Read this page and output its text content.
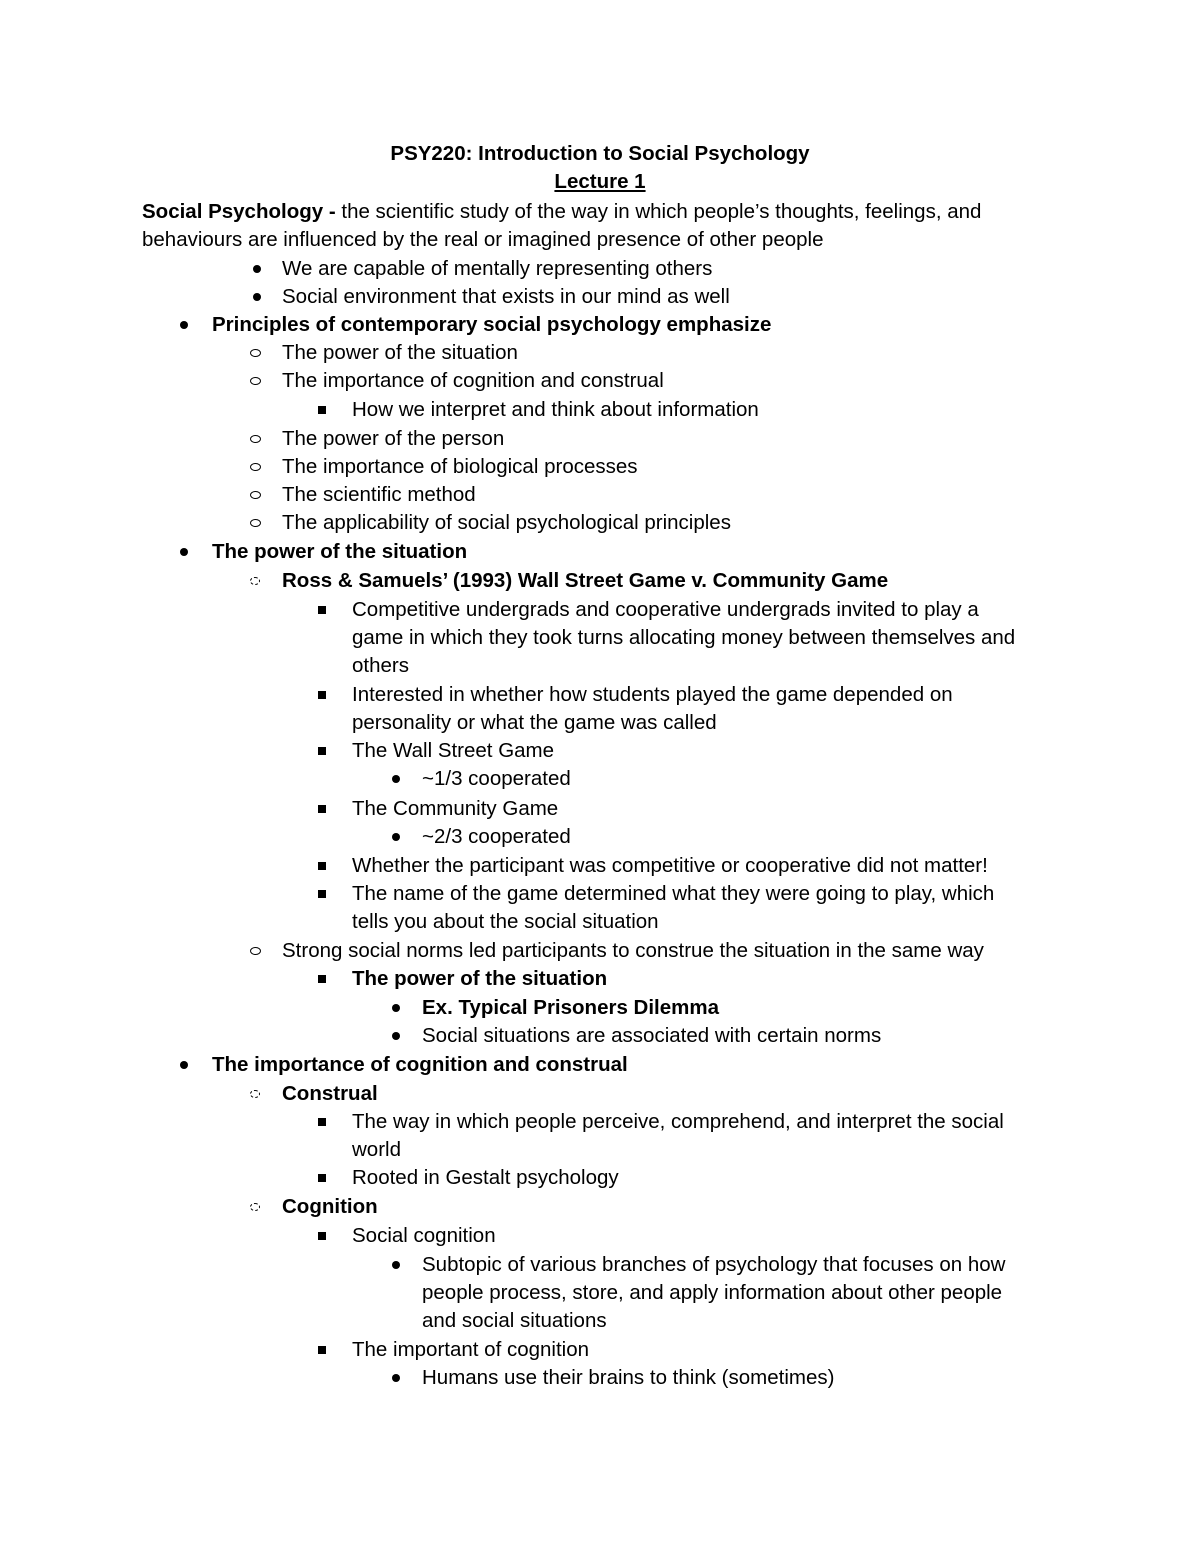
PSY220: Introduction to Social Psychology
Lecture 1
Social Psychology - the scientific study of the way in which people’s thoughts, feelings, and
behaviours are influenced by the real or imagined presence of other people
We are capable of mentally representing others
Social environment that exists in our mind as well
Principles of contemporary social psychology emphasize
The power of the situation
The importance of cognition and construal
How we interpret and think about information
The power of the person
The importance of biological processes
The scientific method
The applicability of social psychological principles
The power of the situation
Ross & Samuels’ (1993) Wall Street Game v. Community Game
Competitive undergrads and cooperative undergrads invited to play a
game in which they took turns allocating money between themselves and
others
Interested in whether how students played the game depended on
personality or what the game was called
The Wall Street Game
~1/3 cooperated
The Community Game
~2/3 cooperated
Whether the participant was competitive or cooperative did not matter!
The name of the game determined what they were going to play, which
tells you about the social situation
Strong social norms led participants to construe the situation in the same way
The power of the situation
Ex. Typical Prisoners Dilemma
Social situations are associated with certain norms
The importance of cognition and construal
Construal
The way in which people perceive, comprehend, and interpret the social
world
Rooted in Gestalt psychology
Cognition
Social cognition
Subtopic of various branches of psychology that focuses on how
people process, store, and apply information about other people
and social situations
The important of cognition
Humans use their brains to think (sometimes)
